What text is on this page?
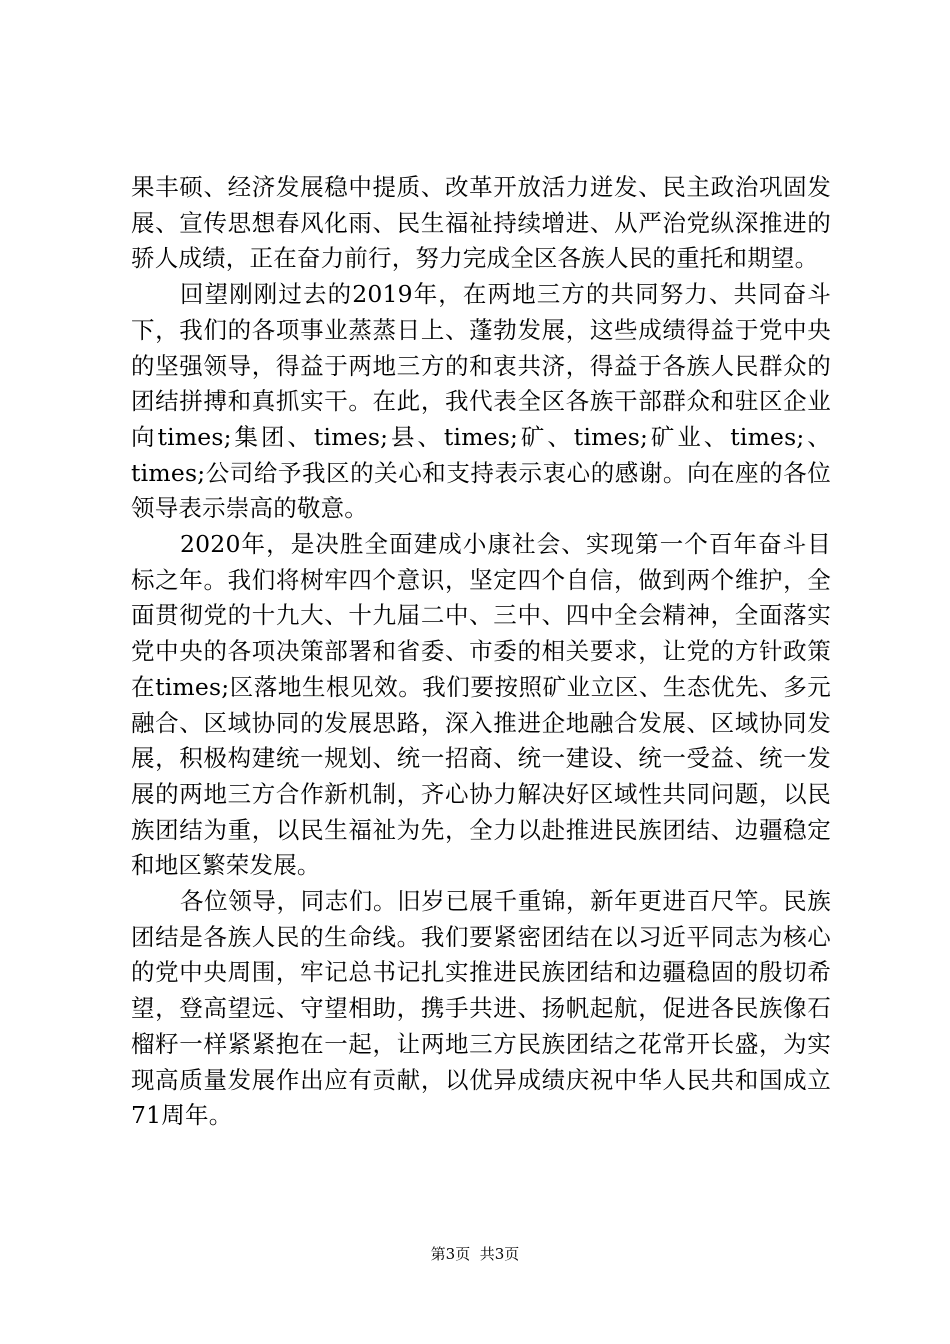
果丰硕、经济发展稳中提质、改革开放活力迸发、民主政治巩固发展、宣传思想春风化雨、民生福祉持续增进、从严治党纵深推进的骄人成绩，正在奋力前行，努力完成全区各族人民的重托和期望。

回望刚刚过去的2019年，在两地三方的共同努力、共同奋斗下，我们的各项事业蒸蒸日上、蓬勃发展，这些成绩得益于党中央的坚强领导，得益于两地三方的和衷共济，得益于各族人民群众的团结拼搏和真抓实干。在此，我代表全区各族干部群众和驻区企业向times;集团、times;县、times;矿、times;矿业、times;、times;公司给予我区的关心和支持表示衷心的感谢。向在座的各位领导表示崇高的敬意。

2020年，是决胜全面建成小康社会、实现第一个百年奋斗目标之年。我们将树牢四个意识，坚定四个自信，做到两个维护，全面贯彻党的十九大、十九届二中、三中、四中全会精神，全面落实党中央的各项决策部署和省委、市委的相关要求，让党的方针政策在times;区落地生根见效。我们要按照矿业立区、生态优先、多元融合、区域协同的发展思路，深入推进企地融合发展、区域协同发展，积极构建统一规划、统一招商、统一建设、统一受益、统一发展的两地三方合作新机制，齐心协力解决好区域性共同问题，以民族团结为重，以民生福祉为先，全力以赴推进民族团结、边疆稳定和地区繁荣发展。

各位领导，同志们。旧岁已展千重锦，新年更进百尺竿。民族团结是各族人民的生命线。我们要紧密团结在以习近平同志为核心的党中央周围，牢记总书记扎实推进民族团结和边疆稳固的殷切希望，登高望远、守望相助，携手共进、扬帆起航，促进各民族像石榴籽一样紧紧抱在一起，让两地三方民族团结之花常开长盛，为实现高质量发展作出应有贡献，以优异成绩庆祝中华人民共和国成立71周年。

第3页 共3页
